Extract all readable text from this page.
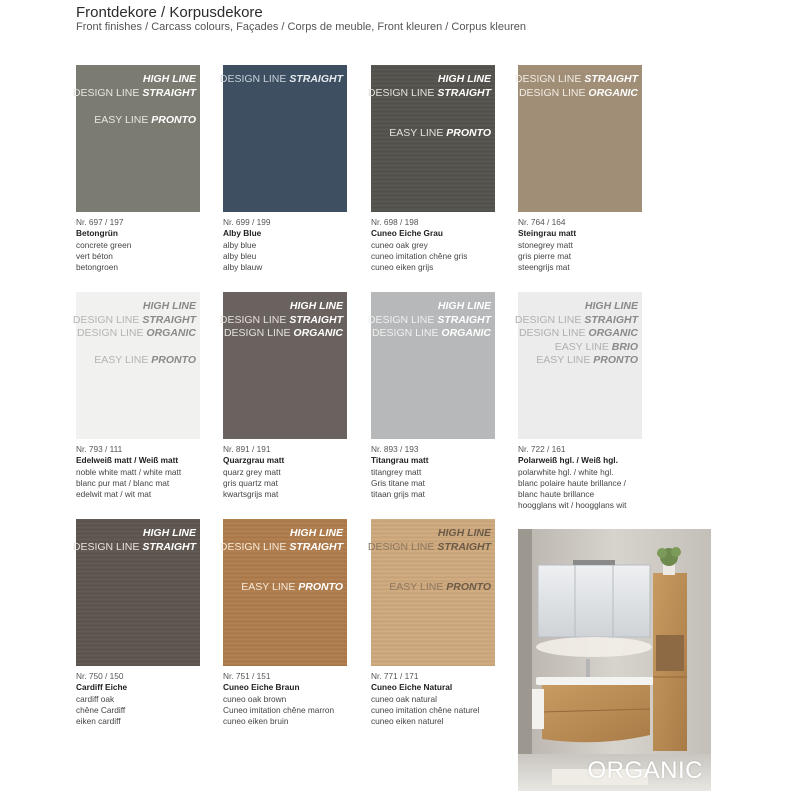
Frontdekore / Korpusdekore
Front finishes / Carcass colours, Façades / Corps de meuble, Front kleuren / Corpus kleuren
HIGH LINE
DESIGN LINE STRAIGHT
EASY LINE PRONTO
Nr. 697 / 197
Betongrün
concrete green
vert béton
betongroen
DESIGN LINE STRAIGHT
Nr. 699 / 199
Alby Blue
alby blue
alby bleu
alby blauw
HIGH LINE
DESIGN LINE STRAIGHT
EASY LINE PRONTO
Nr. 698 / 198
Cuneo Eiche Grau
cuneo oak grey
cuneo imitation chêne gris
cuneo eiken grijs
DESIGN LINE STRAIGHT
DESIGN LINE ORGANIC
Nr. 764 / 164
Steingrau matt
stonegrey matt
gris pierre mat
steengrijs mat
HIGH LINE
DESIGN LINE STRAIGHT
DESIGN LINE ORGANIC
EASY LINE PRONTO
Nr. 793 / 111
Edelweiß matt / Weiß matt
noble white matt / white matt
blanc pur mat / blanc mat
edelwit mat / wit mat
HIGH LINE
DESIGN LINE STRAIGHT
DESIGN LINE ORGANIC
Nr. 891 / 191
Quarzgrau matt
quarz grey matt
gris quartz mat
kwartsgrijs mat
HIGH LINE
DESIGN LINE STRAIGHT
DESIGN LINE ORGANIC
Nr. 893 / 193
Titangrau matt
titangrey matt
Gris titane mat
titaan grijs mat
HIGH LINE
DESIGN LINE STRAIGHT
DESIGN LINE ORGANIC
EASY LINE BRIO
EASY LINE PRONTO
Nr. 722 / 161
Polarweiß hgl. / Weiß hgl.
polarwhite hgl. / white hgl.
blanc polaire haute brillance /
blanc haute brillance
hoogglans wit / hoogglans wit
HIGH LINE
DESIGN LINE STRAIGHT
Nr. 750 / 150
Cardiff Eiche
cardiff oak
chêne Cardiff
eiken cardiff
HIGH LINE
DESIGN LINE STRAIGHT
EASY LINE PRONTO
Nr. 751 / 151
Cuneo Eiche Braun
cuneo oak brown
Cuneo imitation chêne marron
cuneo eiken bruin
HIGH LINE
DESIGN LINE STRAIGHT
EASY LINE PRONTO
Nr. 771 / 171
Cuneo Eiche Natural
cuneo oak natural
cuneo imitation chêne naturel
cuneo eiken naturel
ORGANIC
